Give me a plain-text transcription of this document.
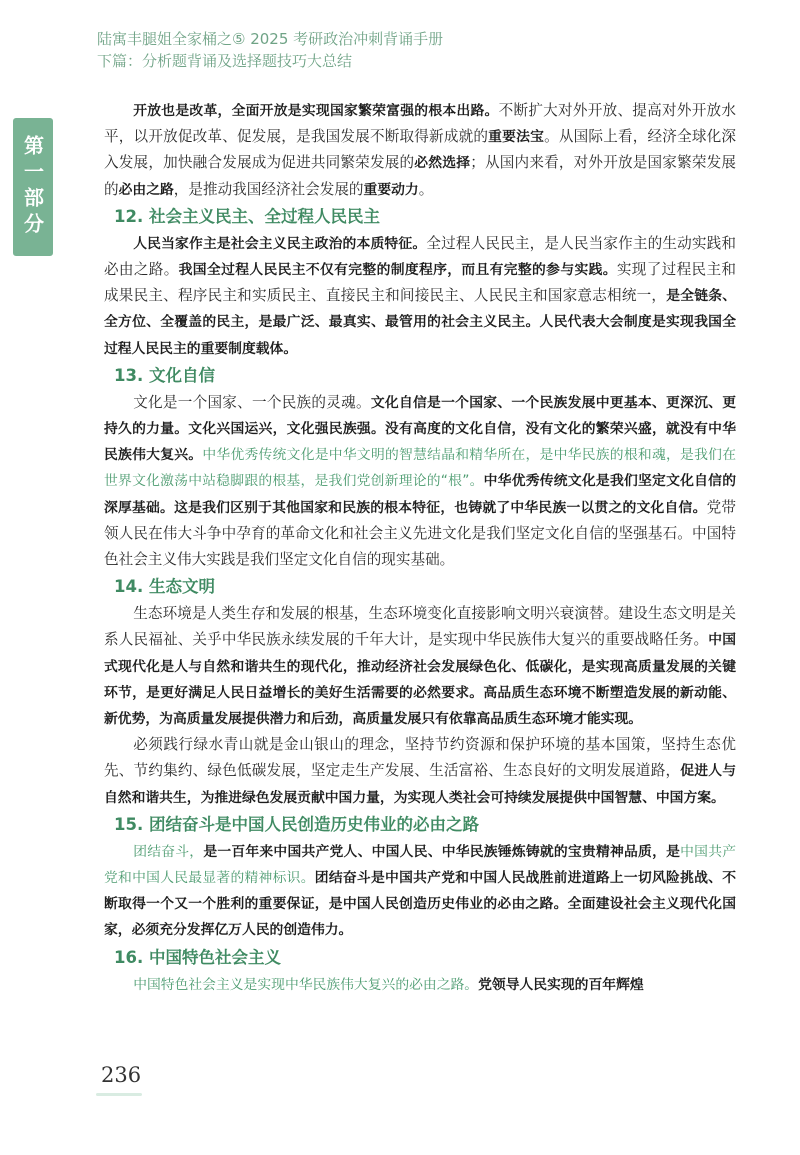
陆寓丰腿姐全家桶之⑤ 2025 考研政治冲刺背诵手册
下篇：分析题背诵及选择题技巧大总结
第一部分

开放也是改革，全面开放是实现国家繁荣富强的根本出路。不断扩大对外开放、提高对外开放水平，以开放促改革、促发展，是我国发展不断取得新成就的重要法宝。从国际上看，经济全球化深入发展，加快融合发展成为促进共同繁荣发展的必然选择；从国内来看，对外开放是国家繁荣发展的必由之路，是推动我国经济社会发展的重要动力。

12. 社会主义民主、全过程人民民主

人民当家作主是社会主义民主政治的本质特征。全过程人民民主，是人民当家作主的生动实践和必由之路。我国全过程人民民主不仅有完整的制度程序，而且有完整的参与实践。实现了过程民主和成果民主、程序民主和实质民主、直接民主和间接民主、人民民主和国家意志相统一，是全链条、全方位、全覆盖的民主，是最广泛、最真实、最管用的社会主义民主。人民代表大会制度是实现我国全过程人民民主的重要制度载体。

13. 文化自信

文化是一个国家、一个民族的灵魂。文化自信是一个国家、一个民族发展中更基本、更深沉、更持久的力量。文化兴国运兴，文化强民族强。没有高度的文化自信，没有文化的繁荣兴盛，就没有中华民族伟大复兴。中华优秀传统文化是中华文明的智慧结晶和精华所在，是中华民族的根和魂，是我们在世界文化激荡中站稳脚跟的根基，是我们党创新理论的“根”。中华优秀传统文化是我们坚定文化自信的深厚基础。这是我们区别于其他国家和民族的根本特征，也铸就了中华民族一以贯之的文化自信。党带领人民在伟大斗争中孕育的革命文化和社会主义先进文化是我们坚定文化自信的坚强基石。中国特色社会主义伟大实践是我们坚定文化自信的现实基础。

14. 生态文明

生态环境是人类生存和发展的根基，生态环境变化直接影响文明兴衰演替。建设生态文明是关系人民福祉、关乎中华民族永续发展的千年大计，是实现中华民族伟大复兴的重要战略任务。中国式现代化是人与自然和谐共生的现代化，推动经济社会发展绿色化、低碳化，是实现高质量发展的关键环节，是更好满足人民日益增长的美好生活需要的必然要求。高品质生态环境不断塑造发展的新动能、新优势，为高质量发展提供潜力和后劲，高质量发展只有依靠高品质生态环境才能实现。

必须践行绿水青山就是金山银山的理念，坚持节约资源和保护环境的基本国策，坚持生态优先、节约集约、绿色低碳发展，坚定走生产发展、生活富裕、生态良好的文明发展道路，促进人与自然和谐共生，为推进绿色发展贡献中国力量，为实现人类社会可持续发展提供中国智慧、中国方案。

15. 团结奋斗是中国人民创造历史伟业的必由之路

团结奋斗，是一百年来中国共产党人、中国人民、中华民族锤炼铸就的宝贵精神品质，是中国共产党和中国人民最显著的精神标识。团结奋斗是中国共产党和中国人民战胜前进道路上一切风险挑战、不断取得一个又一个胜利的重要保证，是中国人民创造历史伟业的必由之路。全面建设社会主义现代化国家，必须充分发挥亿万人民的创造伟力。

16. 中国特色社会主义

中国特色社会主义是实现中华民族伟大复兴的必由之路。党领导人民实现的百年辉煌

236
